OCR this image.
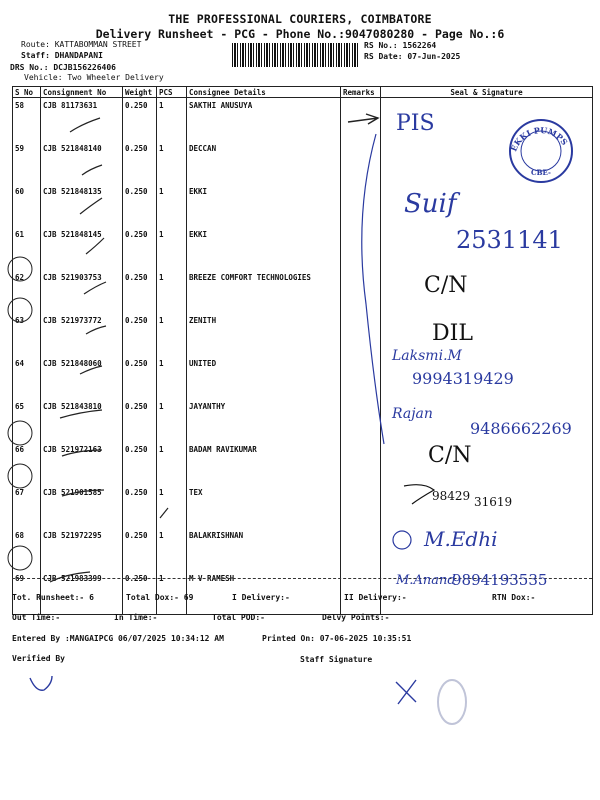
THE PROFESSIONAL COURIERS, COIMBATORE
Delivery Runsheet - PCG - Phone No.:9047080280 - Page No.:6
Route: KATTABOMMAN STREET
Staff: DHANDAPANI
DRS No.: DCJB156226406
Vehicle: Two Wheeler Delivery
RS No.: 1562264
RS Date: 07-Jun-2025
S No	Consignment No	Weight	PCS	Consignee Details	Remarks	Seal & Signature
58	CJB 81173631	0.250	1	SAKTHI ANUSUYA		
59	CJB 521848140	0.250	1	DECCAN		
60	CJB 521848135	0.250	1	EKKI		
61	CJB 521848145	0.250	1	EKKI		
62	CJB 521903753	0.250	1	BREEZE COMFORT TECHNOLOGIES		
63	CJB 521973772	0.250	1	ZENITH		
64	CJB 521848060	0.250	1	UNITED		
65	CJB 521843810	0.250	1	JAYANTHY		
66	CJB 521972163	0.250	1	BADAM RAVIKUMAR		
67	CJB 521901585	0.250	1	TEX		
68	CJB 521972295	0.250	1	BALAKRISHNAN		
69	CJB 521983399	0.250	1	M V RAMESH		
Tot. Runsheet:- 6	Total Dox:- 69	I Delivery:-	II Delivery:-	RTN Dox:-
Out Time:-	In Time:-	Total POD:-	Delvy Points:-
Entered By :MANGAIPCG 06/07/2025 10:34:12 AM	Printed On: 07-06-2025 10:35:51
Verified By	Staff Signature
EKKI PUMPS
CBE-
PIS
Suif
2531141
C/N
DIL
Laksmi.M
9994319429
Rajan
9486662269
C/N
98429 31619
M.Edhi
M.Anand
9894193535
